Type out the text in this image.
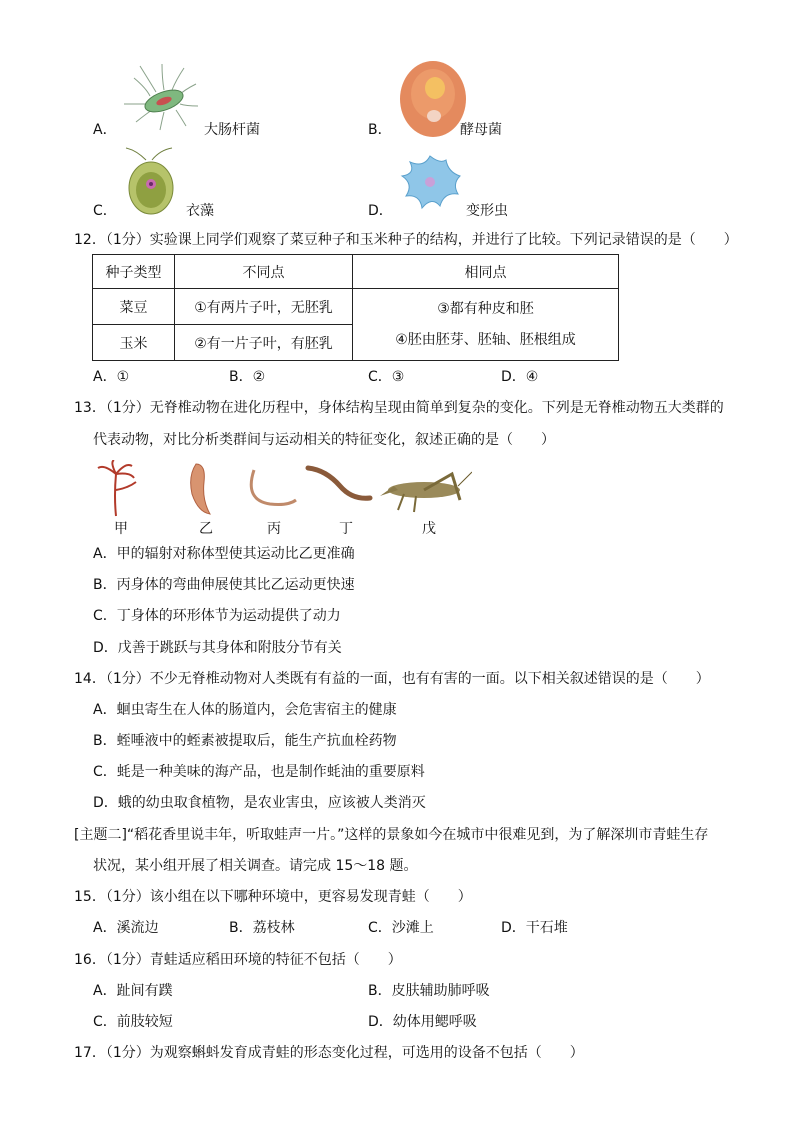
A．	大肠杆菌	B．	酵母菌
C．	衣藻	D．	变形虫
12．（1分）实验课上同学们观察了菜豆种子和玉米种子的结构，并进行了比较。下列记录错误的是（　　）
种子类型	不同点	相同点
菜豆	①有两片子叶，无胚乳	③都有种皮和胚
④胚由胚芽、胚轴、胚根组成

玉米	②有一片子叶，有胚乳	
A．①	B．②	C．③	D．④
13．（1分）无脊椎动物在进化历程中，身体结构呈现由简单到复杂的变化。下列是无脊椎动物五大类群的
代表动物，对比分析类群间与运动相关的特征变化，叙述正确的是（　　）
甲	乙	丙	丁	戊
A．甲的辐射对称体型使其运动比乙更准确
B．丙身体的弯曲伸展使其比乙运动更快速
C．丁身体的环形体节为运动提供了动力
D．戊善于跳跃与其身体和附肢分节有关
14．（1分）不少无脊椎动物对人类既有有益的一面，也有有害的一面。以下相关叙述错误的是（　　）
A．蛔虫寄生在人体的肠道内，会危害宿主的健康
B．蛭唾液中的蛭素被提取后，能生产抗血栓药物
C．蚝是一种美味的海产品，也是制作蚝油的重要原料
D．蛾的幼虫取食植物，是农业害虫，应该被人类消灭
[主题二]“稻花香里说丰年，听取蛙声一片。”这样的景象如今在城市中很难见到，为了解深圳市青蛙生存
状况，某小组开展了相关调查。请完成 15～18 题。
15．（1分）该小组在以下哪种环境中，更容易发现青蛙（　　）
A．溪流边	B．荔枝林	C．沙滩上	D．干石堆
16．（1分）青蛙适应稻田环境的特征不包括（　　）
A．趾间有蹼	B．皮肤辅助肺呼吸
C．前肢较短	D．幼体用鳃呼吸
17．（1分）为观察蝌蚪发育成青蛙的形态变化过程，可选用的设备不包括（　　）
